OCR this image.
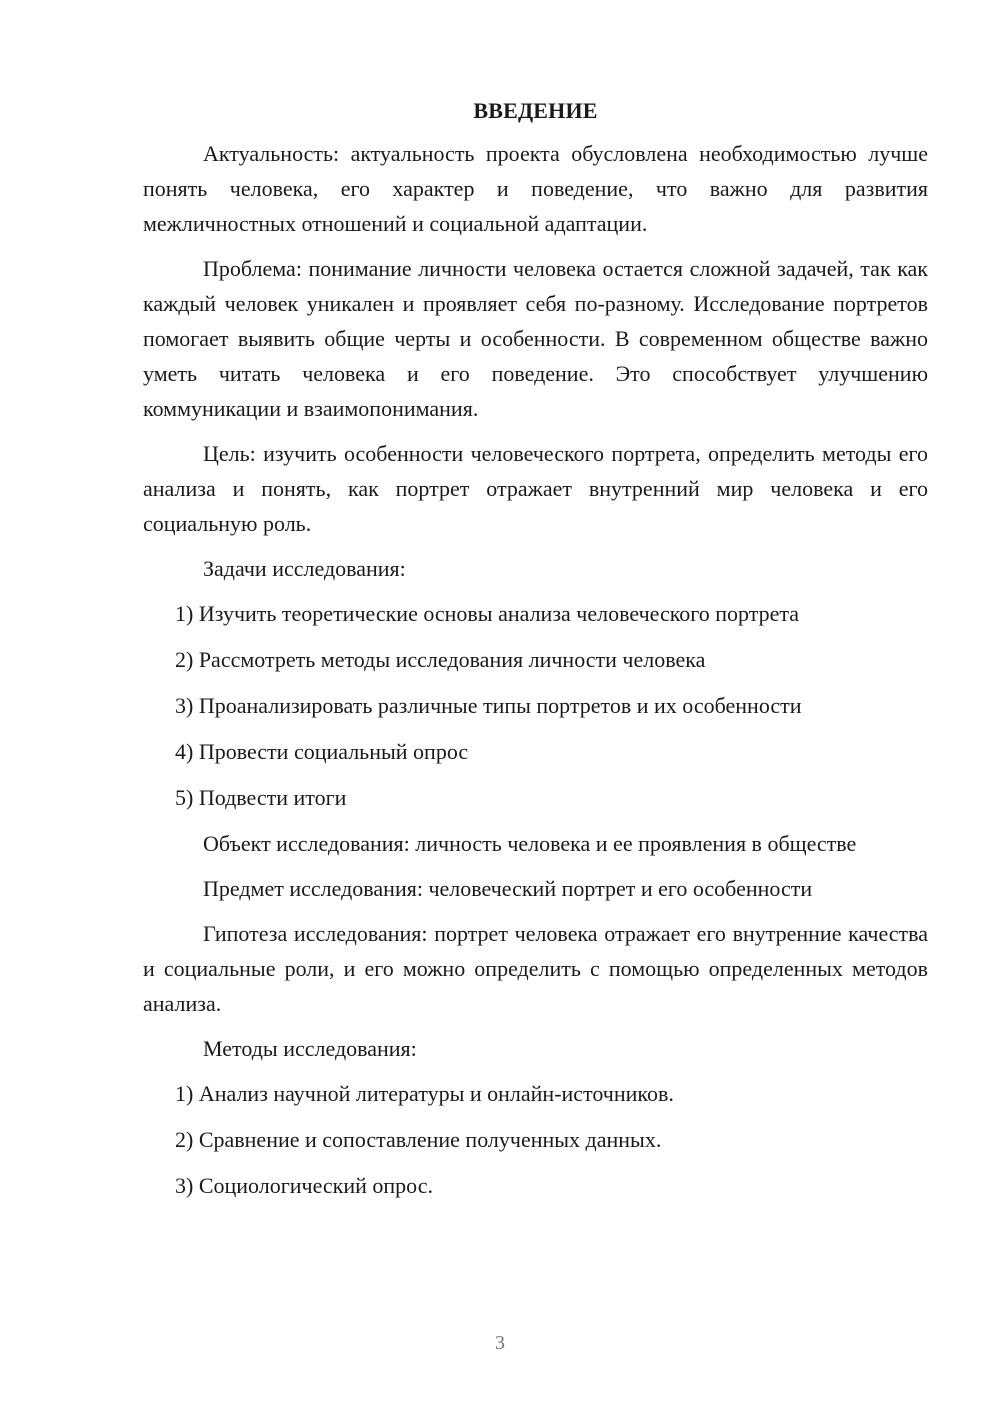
ВВЕДЕНИЕ

Актуальность: актуальность проекта обусловлена необходимостью лучше понять человека, его характер и поведение, что важно для развития межличностных отношений и социальной адаптации.

Проблема: понимание личности человека остается сложной задачей, так как каждый человек уникален и проявляет себя по-разному. Исследование портретов помогает выявить общие черты и особенности. В современном обществе важно уметь читать человека и его поведение. Это способствует улучшению коммуникации и взаимопонимания.

Цель: изучить особенности человеческого портрета, определить методы его анализа и понять, как портрет отражает внутренний мир человека и его социальную роль.

Задачи исследования:

1) Изучить теоретические основы анализа человеческого портрета
2) Рассмотреть методы исследования личности человека
3) Проанализировать различные типы портретов и их особенности
4) Провести социальный опрос
5) Подвести итоги

Объект исследования: личность человека и ее проявления в обществе

Предмет исследования: человеческий портрет и его особенности

Гипотеза исследования: портрет человека отражает его внутренние качества и социальные роли, и его можно определить с помощью определенных методов анализа.

Методы исследования:

1) Анализ научной литературы и онлайн-источников.
2) Сравнение и сопоставление полученных данных.
3) Социологический опрос.
3
